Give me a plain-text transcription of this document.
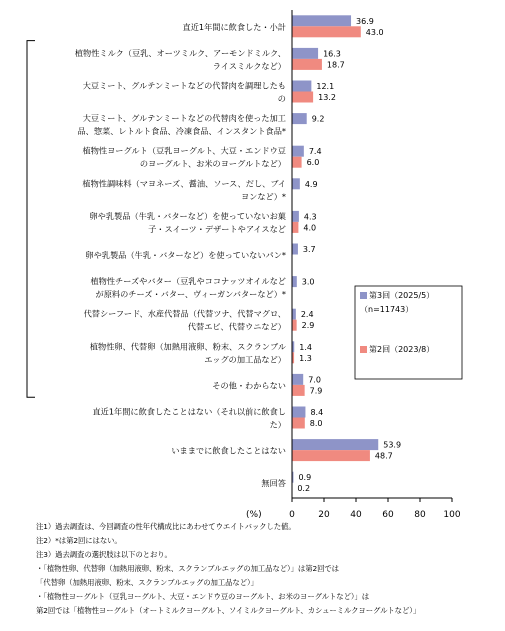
36.9
43.0
直近1年間に飲食した・小計
16.3
18.7
植物性ミルク（豆乳、オーツミルク、アーモンドミルク、
ライスミルクなど）
12.1
13.2
大豆ミート、グルテンミートなどの代替肉を調理したも
の
9.2
大豆ミート、グルテンミートなどの代替肉を使った加工
品、惣菜、レトルト食品、冷凍食品、インスタント食品*
7.4
6.0
植物性ヨーグルト（豆乳ヨーグルト、大豆・エンドウ豆
のヨーグルト、お米のヨーグルトなど）
4.9
植物性調味料（マヨネーズ、醤油、ソース、だし、ブイ
ヨンなど）*
4.3
4.0
卵や乳製品（牛乳・バターなど）を使っていないお菓
子・スイーツ・デザートやアイスなど
3.7
卵や乳製品（牛乳・バターなど）を使っていないパン*
3.0
植物性チーズやバター（豆乳やココナッツオイルなど
が原料のチーズ・バター、ヴィーガンバターなど）*
2.4
2.9
代替シーフード、水産代替品（代替ツナ、代替マグロ、
代替エビ、代替ウニなど）
1.4
1.3
植物性卵、代替卵（加熱用液卵、粉末、スクランブル
エッグの加工品など）
7.0
7.9
その他・わからない
8.4
8.0
直近1年間に飲食したことはない（それ以前に飲食し
た）
53.9
48.7
いままでに飲食したことはない
0.9
0.2
無回答
0	20 40 60 80 100
(%)
第3回（2025/5）
（n=11743）
第2回（2023/8）
注1）過去調査は、今回調査の性年代構成比にあわせてウエイトバックした値。
注2）*は第2回にはない。
注3）過去調査の選択肢は以下のとおり。
・「植物性卵、代替卵（加熱用液卵、粉末、スクランブルエッグの加工品など）」は第2回では
「代替卵（加熱用液卵、粉末、スクランブルエッグの加工品など）」
・「植物性ヨーグルト（豆乳ヨーグルト、大豆・エンドウ豆のヨーグルト、お米のヨーグルトなど）」は
第2回では「植物性ヨーグルト（オートミルクヨーグルト、ソイミルクヨーグルト、カシューミルクヨーグルトなど）」
